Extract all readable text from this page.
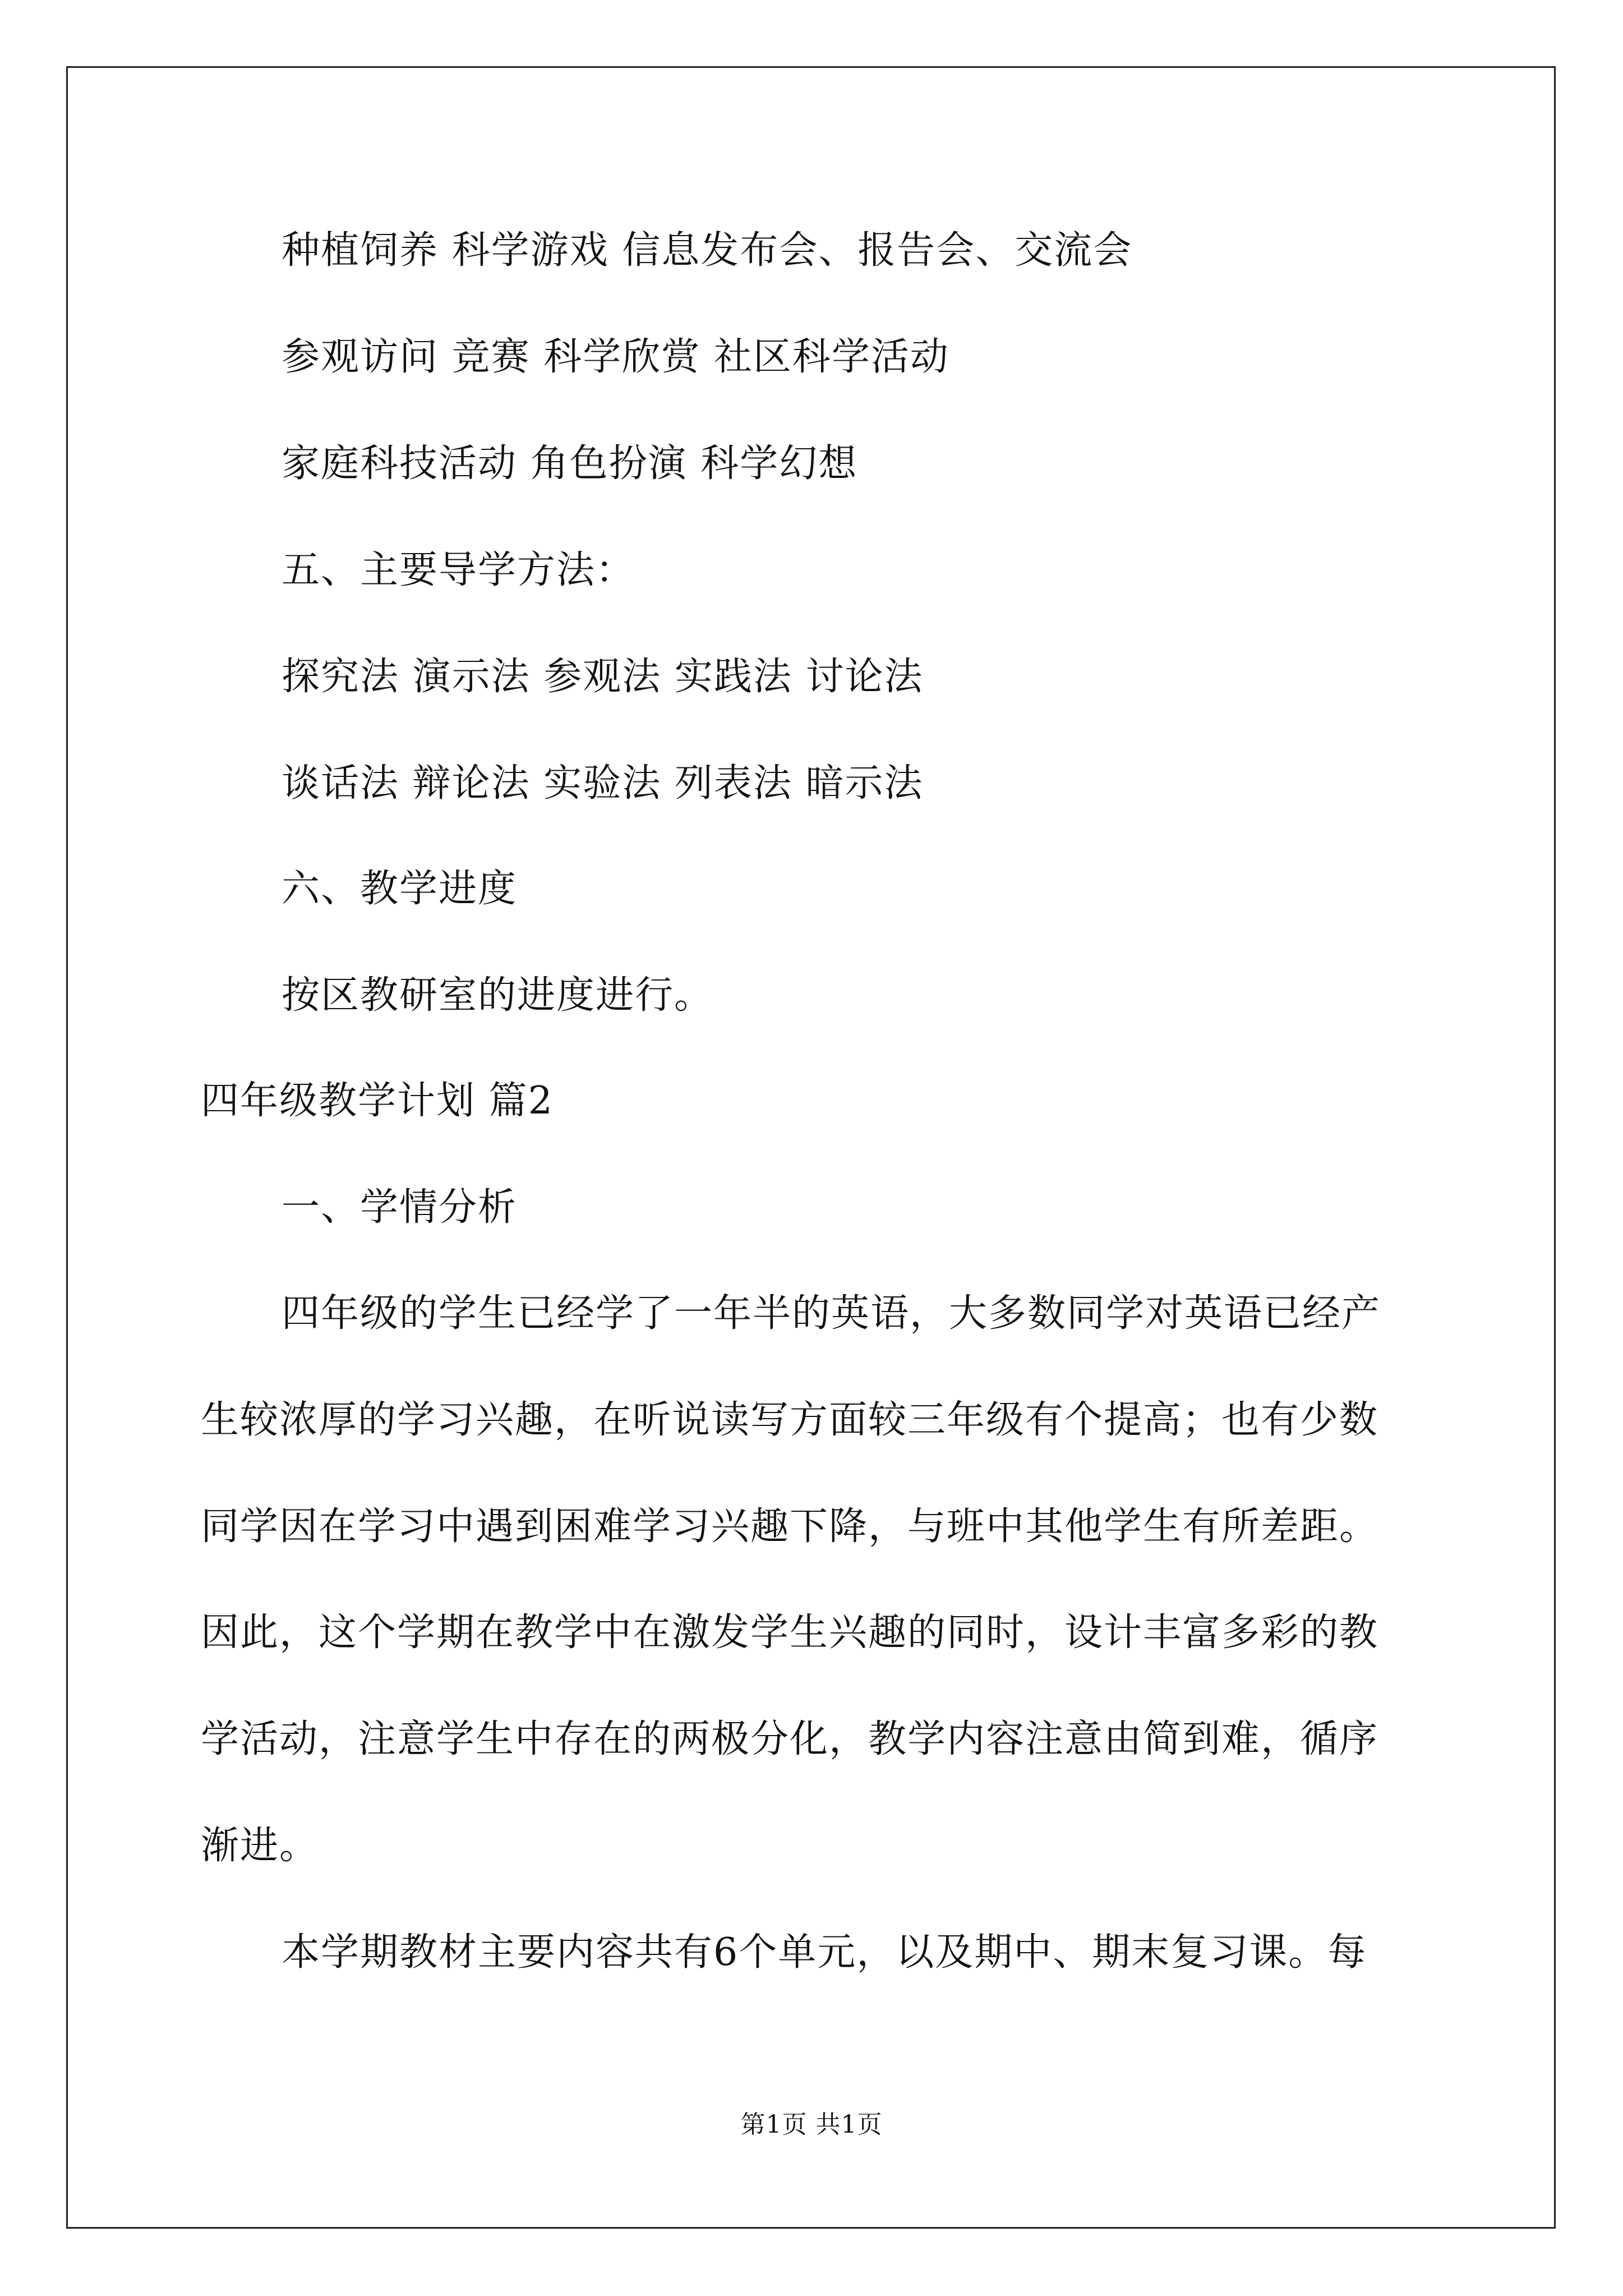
种植饲养 科学游戏 信息发布会、报告会、交流会
参观访问 竞赛 科学欣赏 社区科学活动
家庭科技活动 角色扮演 科学幻想
五、主要导学方法：
探究法 演示法 参观法 实践法 讨论法
谈话法 辩论法 实验法 列表法 暗示法
六、教学进度
按区教研室的进度进行。
四年级教学计划 篇2
一、学情分析
四年级的学生已经学了一年半的英语，大多数同学对英语已经产
生较浓厚的学习兴趣，在听说读写方面较三年级有个提高；也有少数
同学因在学习中遇到困难学习兴趣下降，与班中其他学生有所差距。
因此，这个学期在教学中在激发学生兴趣的同时，设计丰富多彩的教
学活动，注意学生中存在的两极分化，教学内容注意由简到难，循序
渐进。
本学期教材主要内容共有6个单元，以及期中、期末复习课。每
第1页 共1页
